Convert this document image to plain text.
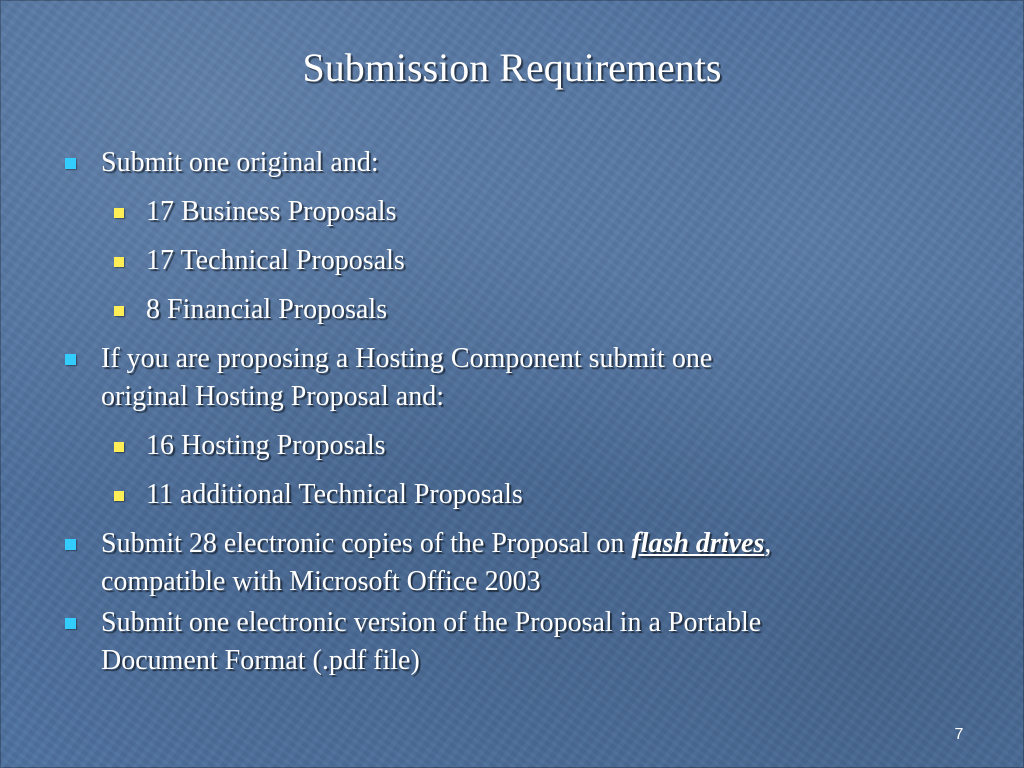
Submission Requirements
Submit one original and:
17 Business Proposals
17 Technical Proposals
8 Financial Proposals
If you are proposing a Hosting Component submit one
original Hosting Proposal and:
16 Hosting Proposals
11 additional Technical Proposals
Submit 28 electronic copies of the Proposal on flash drives,
compatible with Microsoft Office 2003
Submit one electronic version of the Proposal in a Portable
Document Format (.pdf file)
7
